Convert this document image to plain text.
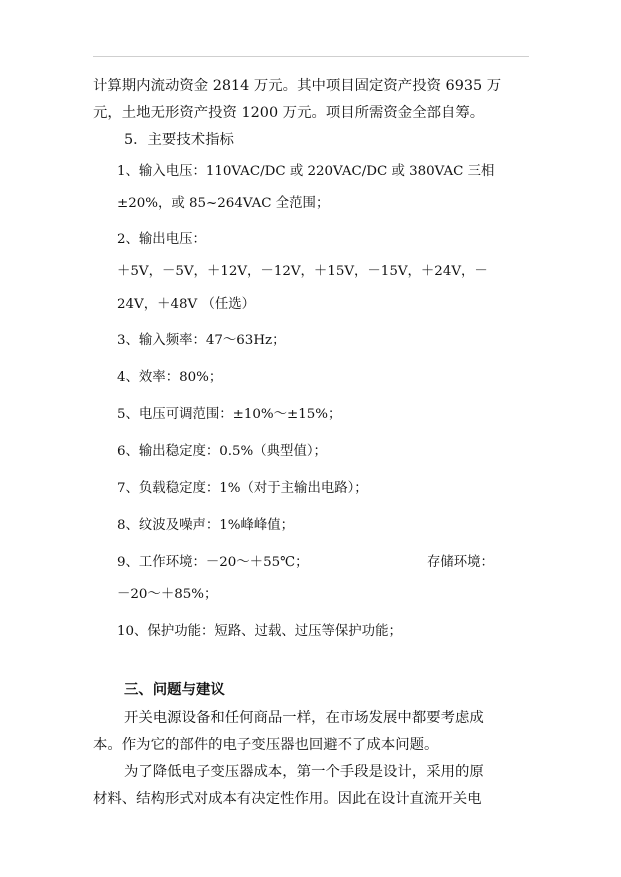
计算期内流动资金 2814 万元。其中项目固定资产投资 6935 万
元，土地无形资产投资 1200 万元。项目所需资金全部自筹。
5．主要技术指标
1、输入电压：110VAC/DC 或 220VAC/DC 或 380VAC 三相
±20%，或 85~264VAC 全范围；
2、输出电压：
＋5V，－5V，＋12V，－12V，＋15V，－15V，＋24V，－
24V，＋48V （任选）
3、输入频率：47～63Hz；
4、效率：80%；
5、电压可调范围：±10%～±15%；
6、输出稳定度：0.5%（典型值）；
7、负载稳定度：1%（对于主输出电路）；
8、纹波及噪声：1%峰峰值；
9、工作环境：－20～＋55℃；	存储环境：
－20～＋85%；
10、保护功能：短路、过载、过压等保护功能；
三、问题与建议
开关电源设备和任何商品一样，在市场发展中都要考虑成
本。作为它的部件的电子变压器也回避不了成本问题。
为了降低电子变压器成本，第一个手段是设计，采用的原
材料、结构形式对成本有决定性作用。因此在设计直流开关电
